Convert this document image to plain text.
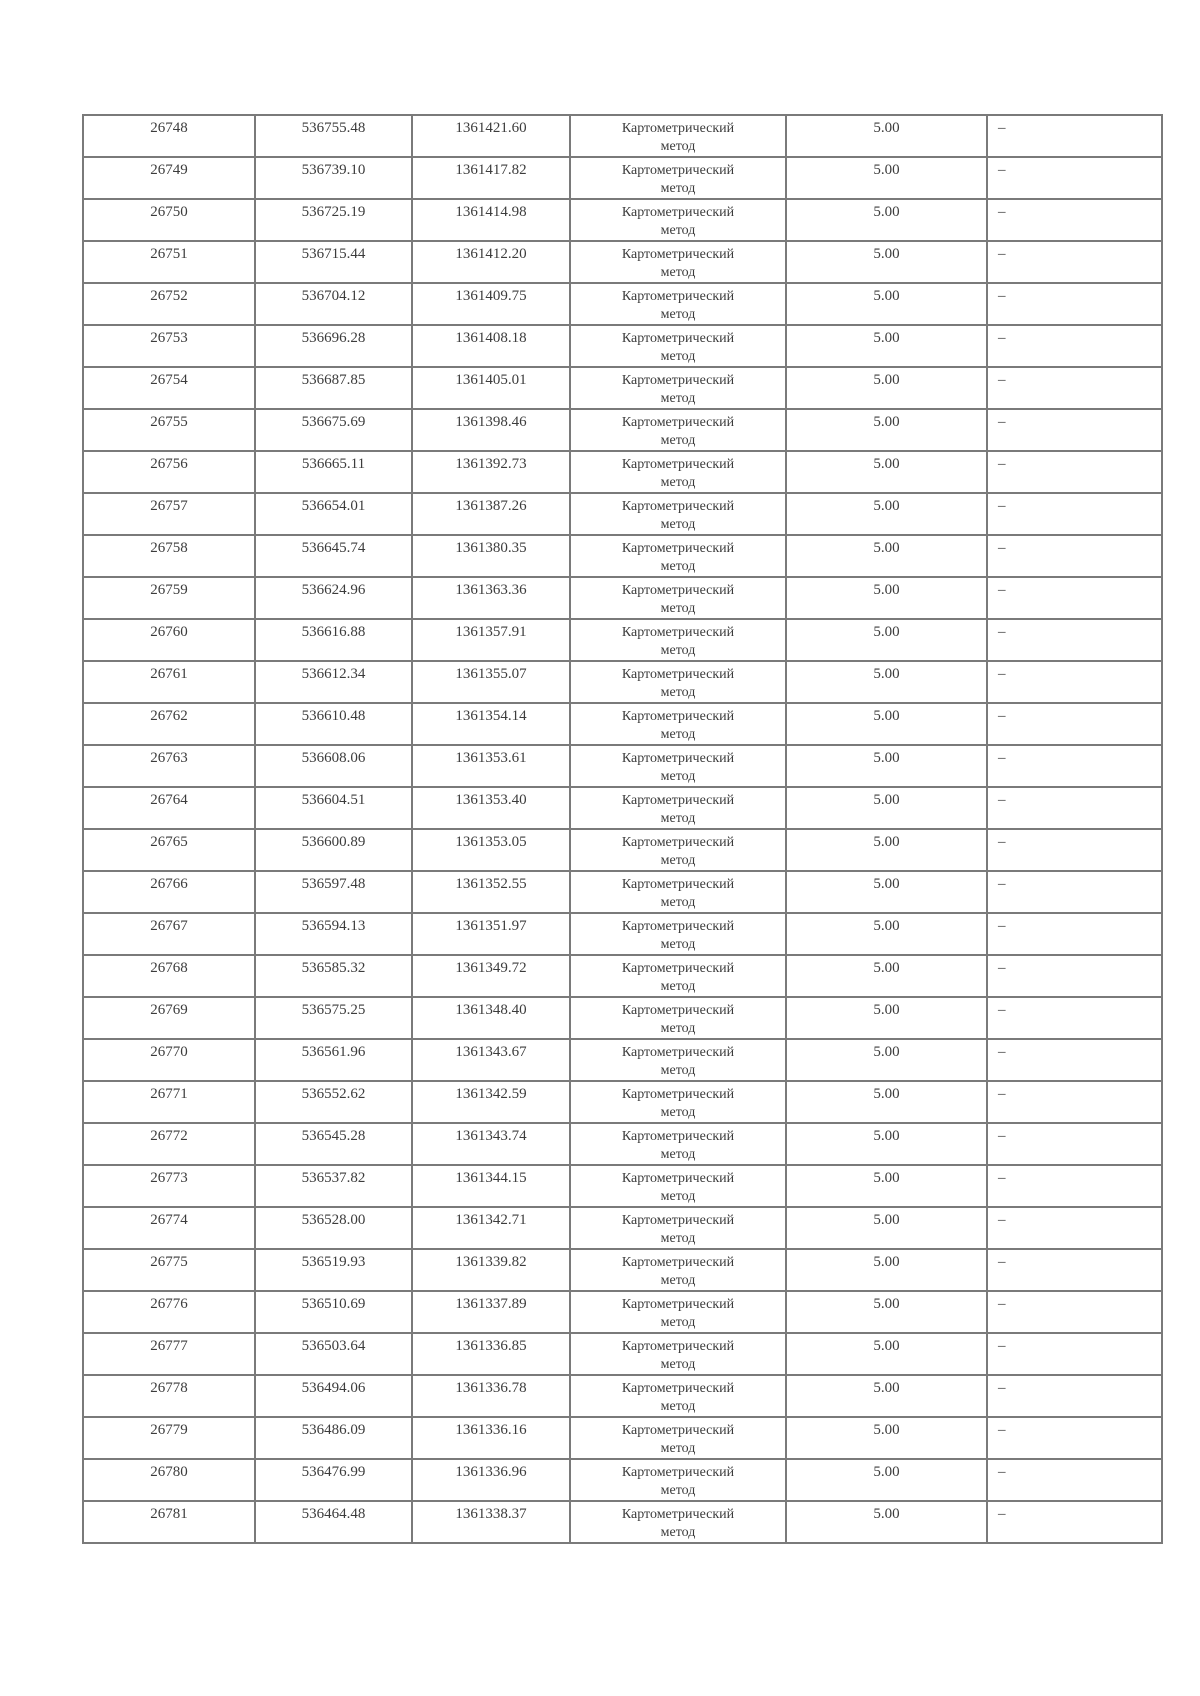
26748	536755.48	1361421.60	Картометрический
метод	5.00	–
26749	536739.10	1361417.82	Картометрический
метод	5.00	–
26750	536725.19	1361414.98	Картометрический
метод	5.00	–
26751	536715.44	1361412.20	Картометрический
метод	5.00	–
26752	536704.12	1361409.75	Картометрический
метод	5.00	–
26753	536696.28	1361408.18	Картометрический
метод	5.00	–
26754	536687.85	1361405.01	Картометрический
метод	5.00	–
26755	536675.69	1361398.46	Картометрический
метод	5.00	–
26756	536665.11	1361392.73	Картометрический
метод	5.00	–
26757	536654.01	1361387.26	Картометрический
метод	5.00	–
26758	536645.74	1361380.35	Картометрический
метод	5.00	–
26759	536624.96	1361363.36	Картометрический
метод	5.00	–
26760	536616.88	1361357.91	Картометрический
метод	5.00	–
26761	536612.34	1361355.07	Картометрический
метод	5.00	–
26762	536610.48	1361354.14	Картометрический
метод	5.00	–
26763	536608.06	1361353.61	Картометрический
метод	5.00	–
26764	536604.51	1361353.40	Картометрический
метод	5.00	–
26765	536600.89	1361353.05	Картометрический
метод	5.00	–
26766	536597.48	1361352.55	Картометрический
метод	5.00	–
26767	536594.13	1361351.97	Картометрический
метод	5.00	–
26768	536585.32	1361349.72	Картометрический
метод	5.00	–
26769	536575.25	1361348.40	Картометрический
метод	5.00	–
26770	536561.96	1361343.67	Картометрический
метод	5.00	–
26771	536552.62	1361342.59	Картометрический
метод	5.00	–
26772	536545.28	1361343.74	Картометрический
метод	5.00	–
26773	536537.82	1361344.15	Картометрический
метод	5.00	–
26774	536528.00	1361342.71	Картометрический
метод	5.00	–
26775	536519.93	1361339.82	Картометрический
метод	5.00	–
26776	536510.69	1361337.89	Картометрический
метод	5.00	–
26777	536503.64	1361336.85	Картометрический
метод	5.00	–
26778	536494.06	1361336.78	Картометрический
метод	5.00	–
26779	536486.09	1361336.16	Картометрический
метод	5.00	–
26780	536476.99	1361336.96	Картометрический
метод	5.00	–
26781	536464.48	1361338.37	Картометрический
метод	5.00	–
